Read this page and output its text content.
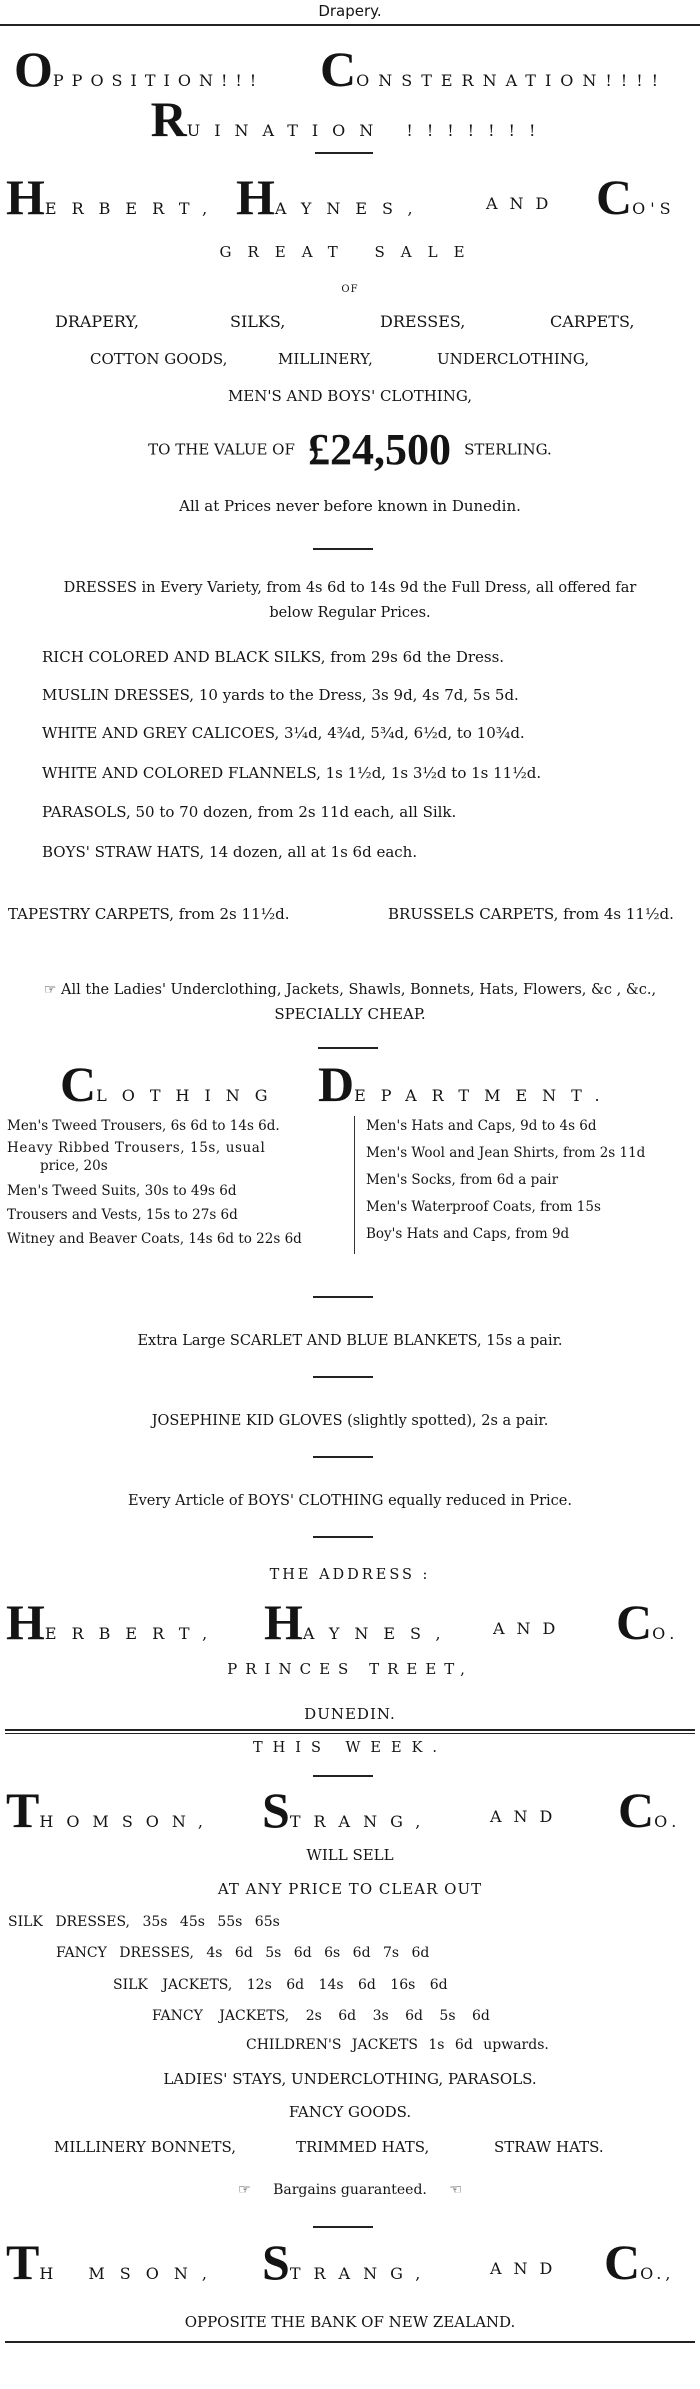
Drapery.
OPPOSITION!!! CONSTERNATION!!!!
RUINATION !!!!!!!
HERBERT, HAYNES,	AND CO'S
GREAT SALE
OF
DRAPERY,	SILKS,	DRESSES,	CARPETS,
COTTON GOODS,	MILLINERY,	UNDERCLOTHING,
MEN'S AND BOYS' CLOTHING,
TO THE VALUE OF £24,500 STERLING.
All at Prices never before known in Dunedin.
DRESSES in Every Variety, from 4s 6d to 14s 9d the Full Dress, all offered far
below Regular Prices.
RICH COLORED AND BLACK SILKS, from 29s 6d the Dress.
MUSLIN DRESSES, 10 yards to the Dress, 3s 9d, 4s 7d, 5s 5d.
WHITE AND GREY CALICOES, 3¼d, 4¾d, 5¾d, 6½d, to 10¾d.
WHITE AND COLORED FLANNELS, 1s 1½d, 1s 3½d to 1s 11½d.
PARASOLS, 50 to 70 dozen, from 2s 11d each, all Silk.
BOYS' STRAW HATS, 14 dozen, all at 1s 6d each.
TAPESTRY CARPETS, from 2s 11½d.	BRUSSELS CARPETS, from 4s 11½d.
☞ All the Ladies' Underclothing, Jackets, Shawls, Bonnets, Hats, Flowers, &c , &c.,
SPECIALLY CHEAP.
CLOTHING DEPARTMENT.
Men's Tweed Trousers, 6s 6d to 14s 6d.
Heavy Ribbed Trousers, 15s, usual
price, 20s
Men's Tweed Suits, 30s to 49s 6d
Trousers and Vests, 15s to 27s 6d
Witney and Beaver Coats, 14s 6d to 22s 6d
Men's Hats and Caps, 9d to 4s 6d
Men's Wool and Jean Shirts, from 2s 11d
Men's Socks, from 6d a pair
Men's Waterproof Coats, from 15s
Boy's Hats and Caps, from 9d
Extra Large SCARLET AND BLUE BLANKETS, 15s a pair.
JOSEPHINE KID GLOVES (slightly spotted), 2s a pair.
Every Article of BOYS' CLOTHING equally reduced in Price.
THE ADDRESS :
HERBERT, HAYNES, AND CO.
PRINCES TREET,
DUNEDIN.
THIS WEEK.
THOMSON, STRANG,	AND CO.
WILL SELL
AT ANY PRICE TO CLEAR OUT
SILK DRESSES, 35s 45s 55s 65s
FANCY DRESSES, 4s 6d 5s 6d 6s 6d 7s 6d
SILK JACKETS, 12s 6d 14s 6d 16s 6d
FANCY JACKETS, 2s 6d 3s 6d 5s 6d
CHILDREN'S JACKETS 1s 6d upwards.
LADIES' STAYS, UNDERCLOTHING, PARASOLS.
FANCY GOODS.
MILLINERY BONNETS,	TRIMMED HATS,	STRAW HATS.
☞ Bargains guaranteed. ☜
TH MSON, STRANG,	AND CO.,
OPPOSITE THE BANK OF NEW ZEALAND.
